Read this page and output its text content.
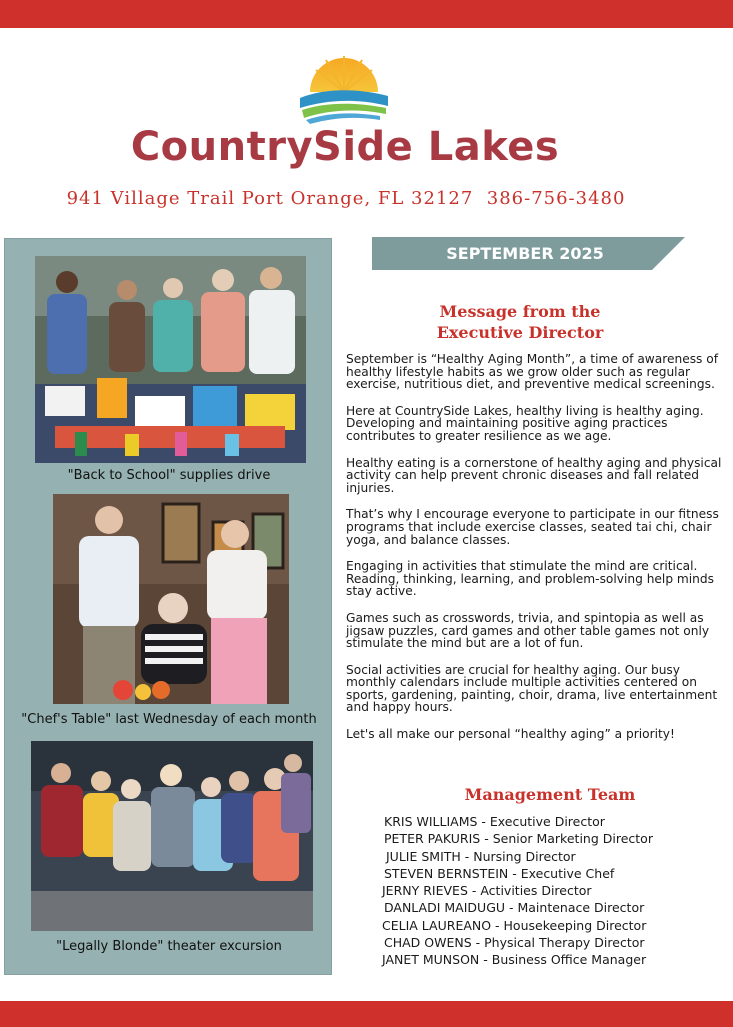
CountrySide Lakes

941 Village Trail Port Orange, FL 32127  386-756-3480

"Back to School" supplies drive
"Chef's Table" last Wednesday of each month
"Legally Blonde" theater excursion
SEPTEMBER 2025
Message from the
Executive Director

September is “Healthy Aging Month”, a time of awareness of healthy lifestyle habits as we grow older such as regular exercise, nutritious diet, and preventive medical screenings.

Here at CountrySide Lakes, healthy living is healthy aging. Developing and maintaining positive aging practices contributes to greater resilience as we age.

Healthy eating is a cornerstone of healthy aging and physical activity can help prevent chronic diseases and fall related injuries.

That’s why I encourage everyone to participate in our fitness programs that include exercise classes, seated tai chi, chair yoga, and balance classes.

Engaging in activities that stimulate the mind are critical. Reading, thinking, learning, and problem-solving help minds stay active.

Games such as crosswords, trivia, and spintopia as well as jigsaw puzzles, card games and other table games not only stimulate the mind but are a lot of fun.

Social activities are crucial for healthy aging. Our busy monthly calendars include multiple activities centered on sports, gardening, painting, choir, drama, live entertainment and happy hours.

Let's all make our personal “healthy aging” a priority!

Management Team
KRIS WILLIAMS - Executive Director
PETER PAKURIS - Senior Marketing Director
JULIE SMITH - Nursing Director
STEVEN BERNSTEIN - Executive Chef
JERNY RIEVES - Activities Director
DANLADI MAIDUGU - Maintenace Director
CELIA LAUREANO - Housekeeping Director
CHAD OWENS - Physical Therapy Director
JANET MUNSON - Business Office Manager
